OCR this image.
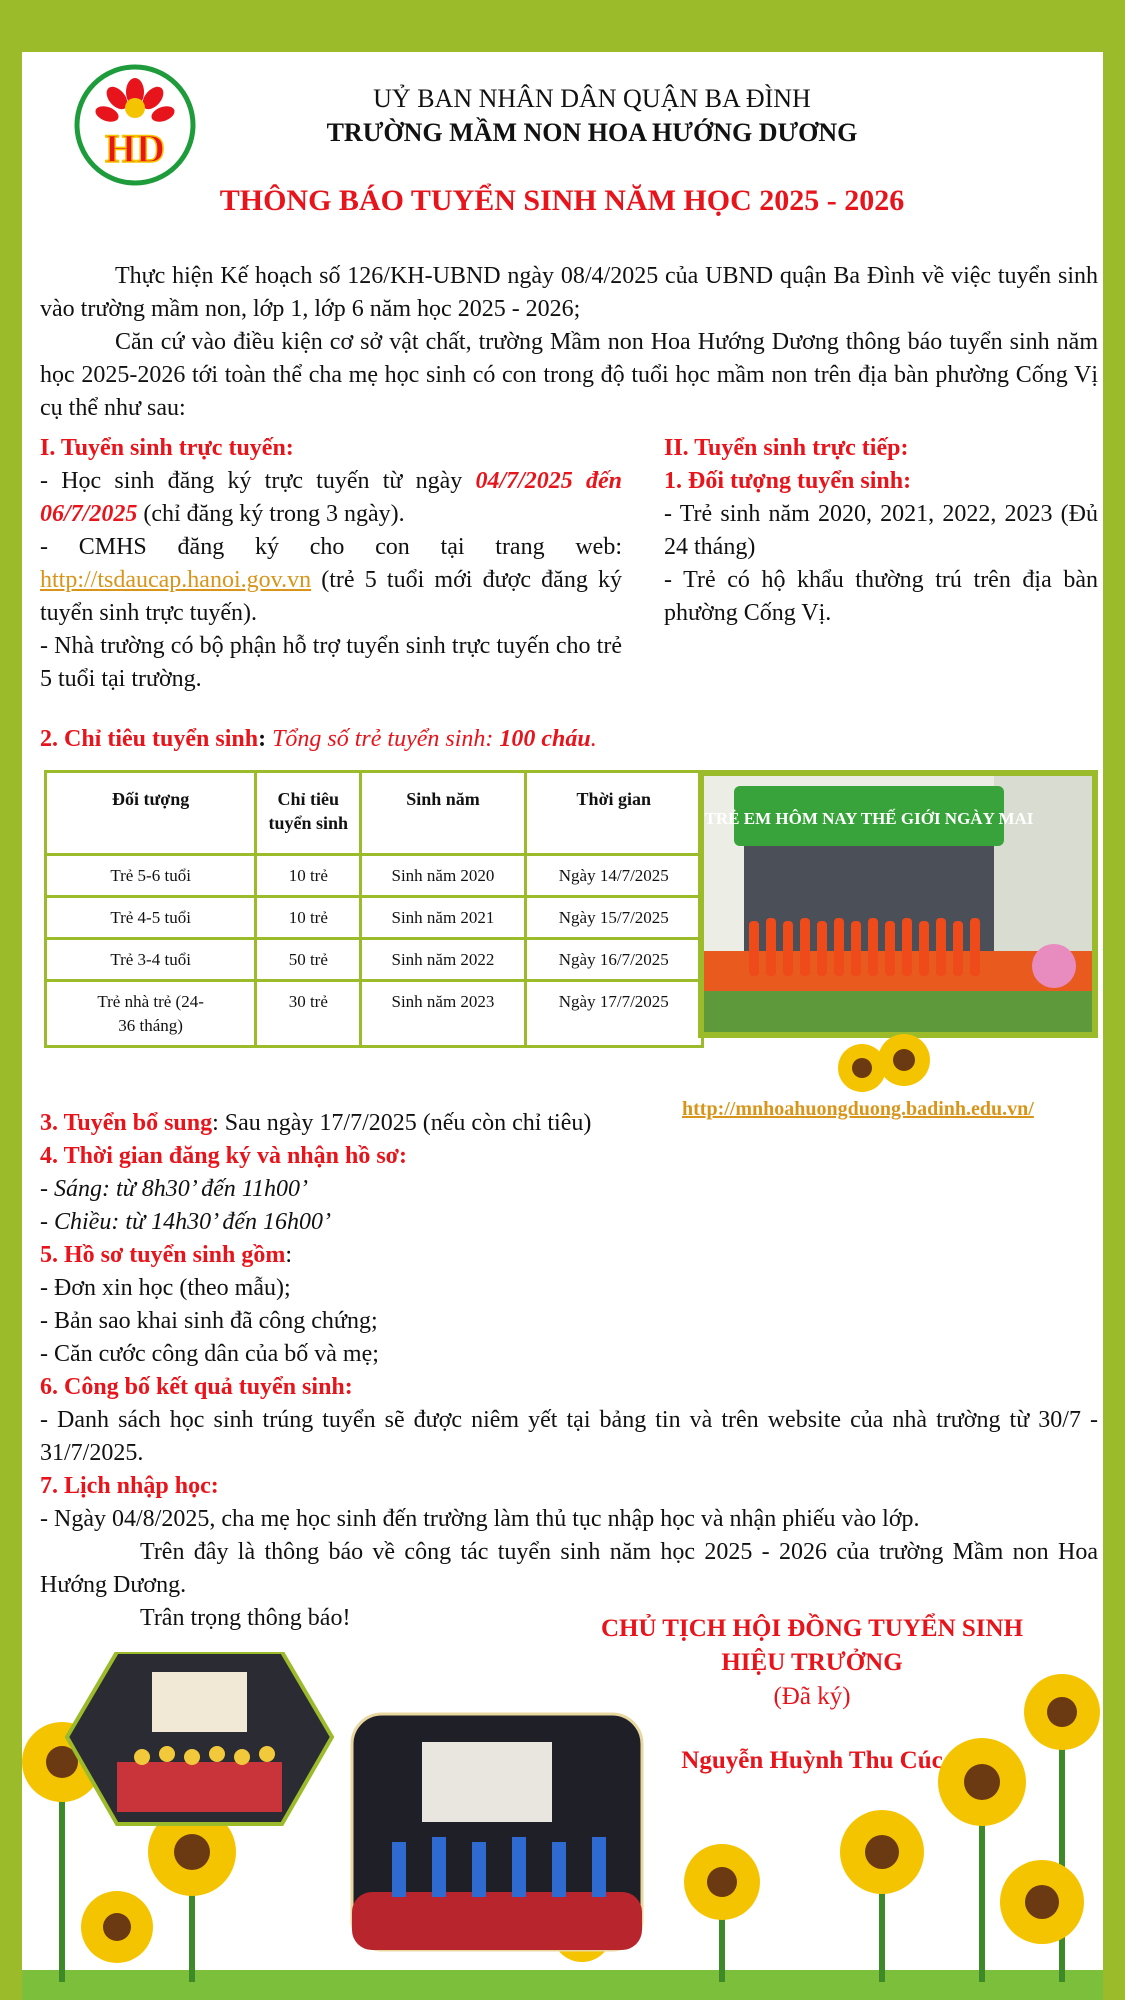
HD
UỶ BAN NHÂN DÂN QUẬN BA ĐÌNH
TRƯỜNG MẦM NON HOA HƯỚNG DƯƠNG
THÔNG BÁO TUYỂN SINH NĂM HỌC 2025 - 2026
Thực hiện Kế hoạch số 126/KH-UBND ngày 08/4/2025 của UBND quận Ba Đình về việc tuyển sinh vào trường mầm non, lớp 1, lớp 6 năm học 2025 - 2026;
Căn cứ vào điều kiện cơ sở vật chất, trường Mầm non Hoa Hướng Dương thông báo tuyển sinh năm học 2025-2026 tới toàn thể cha mẹ học sinh có con trong độ tuổi học mầm non trên địa bàn phường Cống Vị cụ thể như sau:
I. Tuyển sinh trực tuyến:
- Học sinh đăng ký trực tuyến từ ngày 04/7/2025 đến 06/7/2025 (chỉ đăng ký trong 3 ngày).
- CMHS đăng ký cho con tại trang web: http://tsdaucap.hanoi.gov.vn (trẻ 5 tuổi mới được đăng ký tuyển sinh trực tuyến).
- Nhà trường có bộ phận hỗ trợ tuyển sinh trực tuyến cho trẻ 5 tuổi tại trường.
II. Tuyển sinh trực tiếp:
1. Đối tượng tuyển sinh:
- Trẻ sinh năm 2020, 2021, 2022, 2023 (Đủ 24 tháng)
- Trẻ có hộ khẩu thường trú trên địa bàn phường Cống Vị.
2. Chỉ tiêu tuyển sinh: Tổng số trẻ tuyển sinh: 100 cháu.
Đối tượng	Chỉ tiêu tuyển sinh	Sinh năm	Thời gian
Trẻ 5-6 tuổi	10 trẻ	Sinh năm 2020	Ngày 14/7/2025
Trẻ 4-5 tuổi	10 trẻ	Sinh năm 2021	Ngày 15/7/2025
Trẻ 3-4 tuổi	50 trẻ	Sinh năm 2022	Ngày 16/7/2025

Trẻ nhà trẻ (24-36 tháng)	30 trẻ	Sinh năm 2023	Ngày 17/7/2025
TRẺ EM HÔM NAY THẾ GIỚI NGÀY MAI
http://mnhoahuongduong.badinh.edu.vn/
3. Tuyển bổ sung: Sau ngày 17/7/2025 (nếu còn chỉ tiêu)
4. Thời gian đăng ký và nhận hồ sơ:
- Sáng: từ 8h30’ đến 11h00’
- Chiều: từ 14h30’ đến 16h00’
5. Hồ sơ tuyển sinh gồm:
- Đơn xin học (theo mẫu);
- Bản sao khai sinh đã công chứng;
- Căn cước công dân của bố và mẹ;
6. Công bố kết quả tuyển sinh:
- Danh sách học sinh trúng tuyển sẽ được niêm yết tại bảng tin và trên website của nhà trường từ 30/7 - 31/7/2025.
7. Lịch nhập học:
- Ngày 04/8/2025, cha mẹ học sinh đến trường làm thủ tục nhập học và nhận phiếu vào lớp.
Trên đây là thông báo về công tác tuyển sinh năm học 2025 - 2026 của trường Mầm non Hoa Hướng Dương.
Trân trọng thông báo!	CHỦ TỊCH HỘI ĐỒNG TUYỂN SINH
HIỆU TRƯỞNG
(Đã ký)
Nguyễn Huỳnh Thu Cúc
